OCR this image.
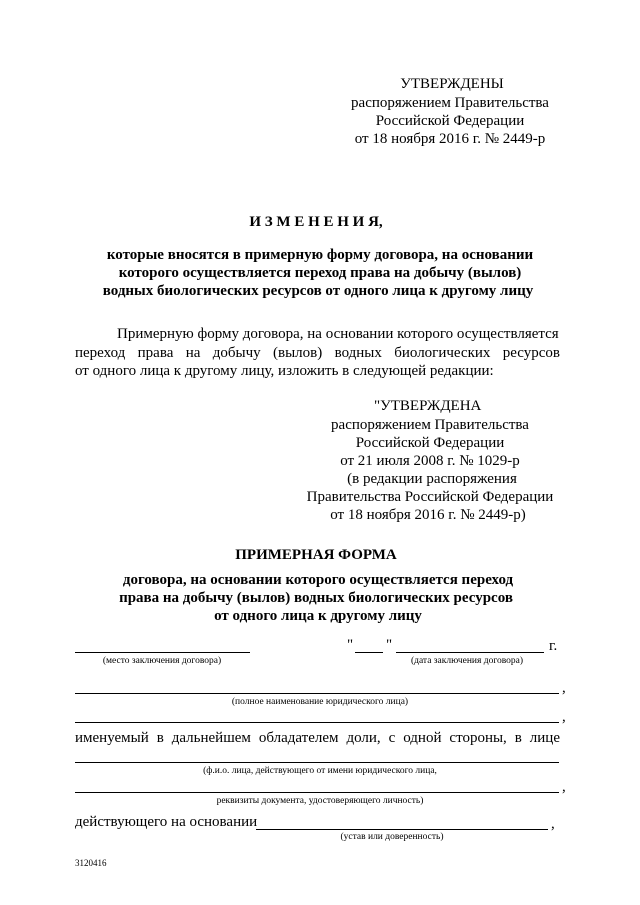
УТВЕРЖДЕНЫ
распоряжением Правительства
Российской Федерации
от 18 ноября 2016 г. № 2449-р
И З М Е Н Е Н И Я,
которые вносятся в примерную форму договора, на основании
которого осуществляется переход права на добычу (вылов)
водных биологических ресурсов от одного лица к другому лицу
Примерную форму договора, на основании которого осуществляется
переход права на добычу (вылов) водных биологических ресурсов
от одного лица к другому лицу, изложить в следующей редакции:
"УТВЕРЖДЕНА
распоряжением Правительства
Российской Федерации
от 21 июля 2008 г. № 1029-р
(в редакции распоряжения
Правительства Российской Федерации
от 18 ноября 2016 г. № 2449-р)
ПРИМЕРНАЯ ФОРМА
договора, на основании которого осуществляется переход
права на добычу (вылов) водных биологических ресурсов
от одного лица к другому лицу
" "	г.
(место заключения договора)	(дата заключения договора)
,
(полное наименование юридического лица)
,
именуемый в дальнейшем обладателем доли, с одной стороны, в лице
(ф.и.о. лица, действующего от имени юридического лица,
,
реквизиты документа, удостоверяющего личность)
действующего на основании	,
(устав или доверенность)
3120416
